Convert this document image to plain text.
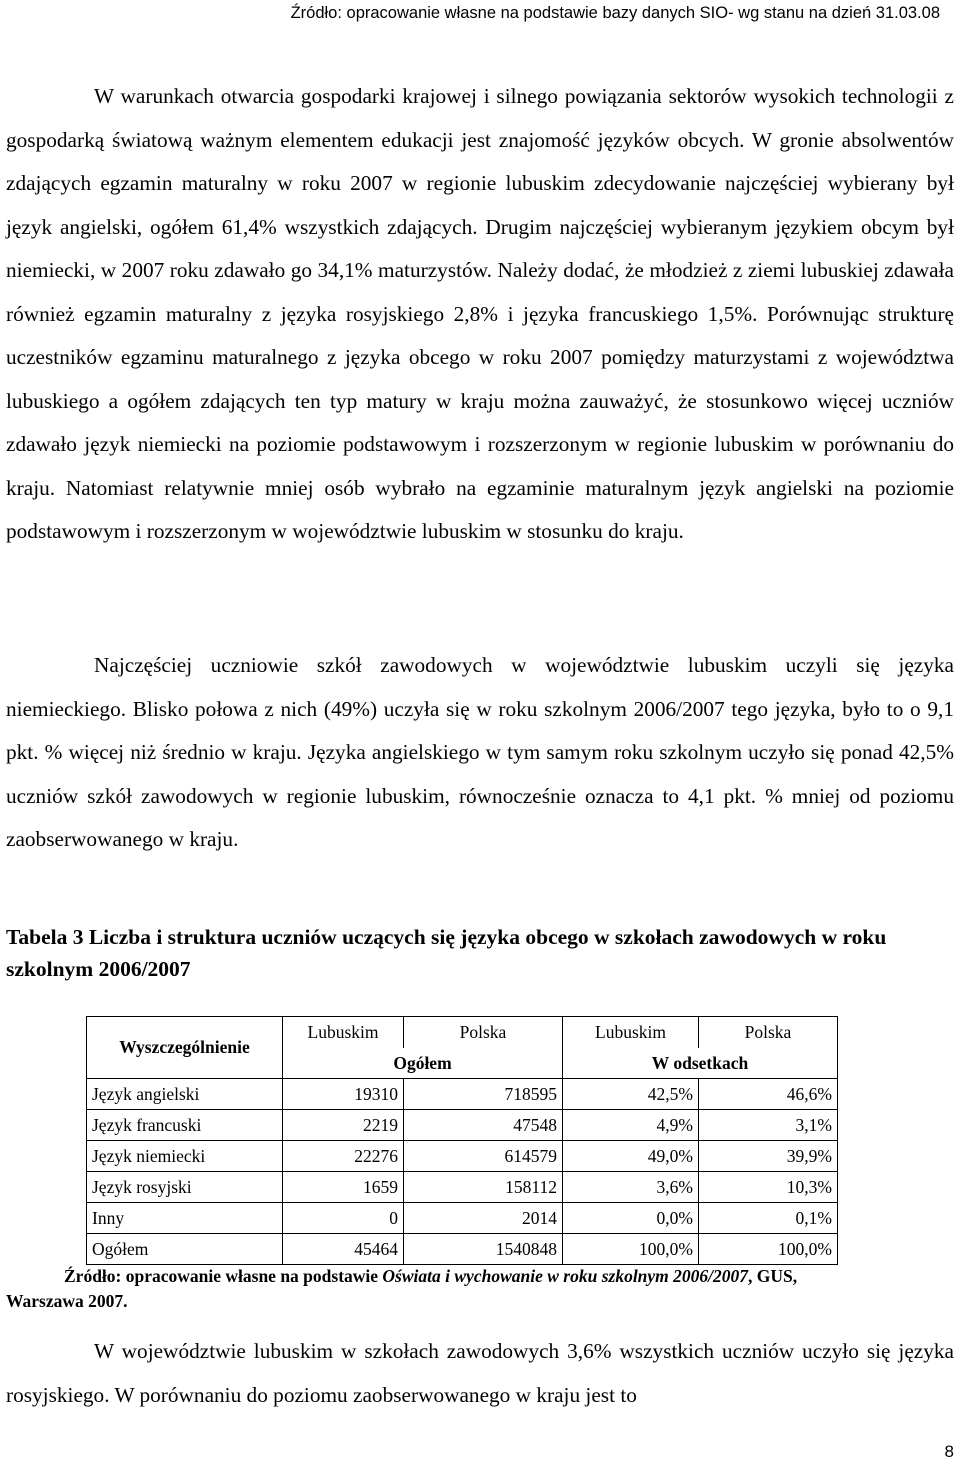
Źródło: opracowanie własne na podstawie bazy danych SIO- wg stanu na dzień 31.03.08

W warunkach otwarcia gospodarki krajowej i silnego powiązania sektorów wysokich technologii z gospodarką światową ważnym elementem edukacji jest znajomość języków obcych. W gronie absolwentów zdających egzamin maturalny w roku 2007 w regionie lubuskim zdecydowanie najczęściej wybierany był język angielski, ogółem 61,4% wszystkich zdających. Drugim najczęściej wybieranym językiem obcym był niemiecki, w 2007 roku zdawało go 34,1% maturzystów. Należy dodać, że młodzież z ziemi lubuskiej zdawała również egzamin maturalny z języka rosyjskiego 2,8% i języka francuskiego 1,5%. Porównując strukturę uczestników egzaminu maturalnego z języka obcego w roku 2007 pomiędzy maturzystami z województwa lubuskiego a ogółem zdających ten typ matury w kraju można zauważyć, że stosunkowo więcej uczniów zdawało język niemiecki na poziomie podstawowym i rozszerzonym w regionie lubuskim w porównaniu do kraju. Natomiast relatywnie mniej osób wybrało na egzaminie maturalnym język angielski na poziomie podstawowym i rozszerzonym w województwie lubuskim w stosunku do kraju.

Najczęściej uczniowie szkół zawodowych w województwie lubuskim uczyli się języka niemieckiego. Blisko połowa z nich (49%) uczyła się w roku szkolnym 2006/2007 tego języka, było to o 9,1 pkt. % więcej niż średnio w kraju. Języka angielskiego w tym samym roku szkolnym uczyło się ponad 42,5% uczniów szkół zawodowych w regionie lubuskim, równocześnie oznacza to 4,1 pkt. % mniej od poziomu zaobserwowanego w kraju.

Tabela 3 Liczba i struktura uczniów uczących się języka obcego w szkołach zawodowych w roku szkolnym 2006/2007
Wyszczególnienie	Lubuskim	Polska	Lubuskim	Polska
	Ogółem		W odsetkach	
Język angielski	19310	718595	42,5%	46,6%
Język francuski	2219	47548	4,9%	3,1%
Język niemiecki	22276	614579	49,0%	39,9%
Język rosyjski	1659	158112	3,6%	10,3%
Inny	0	2014	0,0%	0,1%
Ogółem	45464	1540848	100,0%	100,0%
Źródło: opracowanie własne na podstawie Oświata i wychowanie w roku szkolnym 2006/2007, GUS,
Warszawa 2007.

W województwie lubuskim w szkołach zawodowych 3,6% wszystkich uczniów uczyło się języka rosyjskiego. W porównaniu do poziomu zaobserwowanego w kraju jest to

8
